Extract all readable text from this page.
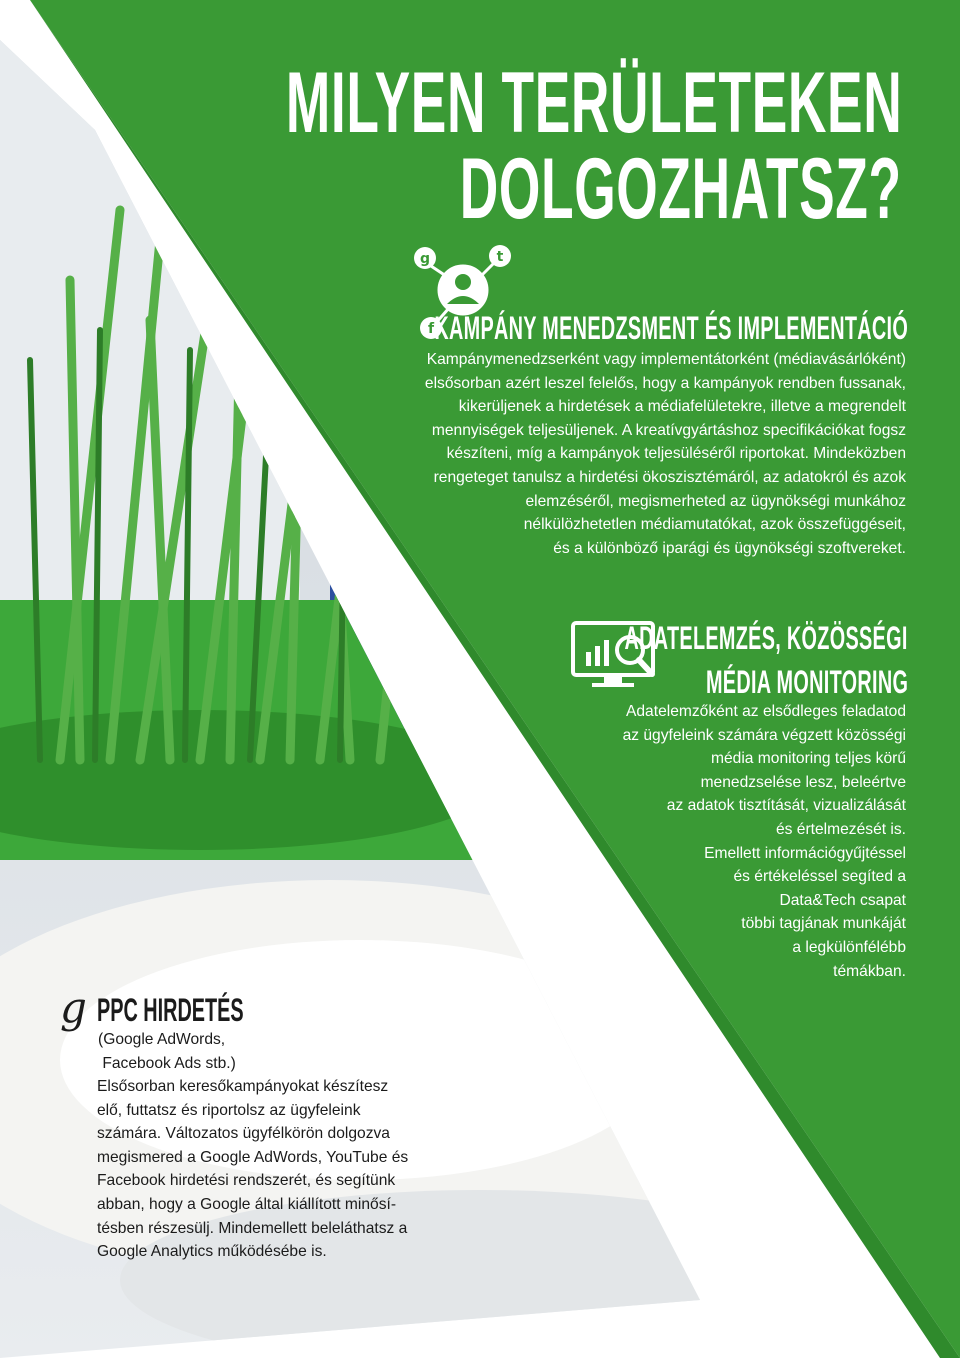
MILYEN TERÜLETEKEN
DOLGOZHATSZ?
g	t
f KAMPÁNY MENEDZSMENT ÉS IMPLEMENTÁCIÓ
Kampánymenedzserként vagy implementátorként (médiavásárlóként)
elsősorban azért leszel felelős, hogy a kampányok rendben fussanak,
kikerüljenek a hirdetések a médiafelületekre, illetve a megrendelt
mennyiségek teljesüljenek. A kreatívgyártáshoz specifikációkat fogsz
készíteni, míg a kampányok teljesüléséről riportokat. Mindeközben
rengeteget tanulsz a hirdetési ökoszisztémáról, az adatokról és azok
elemzéséről, megismerheted az ügynökségi munkához
nélkülözhetetlen médiamutatókat, azok összefüggéseit,
és a különböző iparági és ügynökségi szoftvereket.
ADATELEMZÉS, KÖZÖSSÉGI
MÉDIA MONITORING
Adatelemzőként az elsődleges feladatod
az ügyfeleink számára végzett közösségi
média monitoring teljes körű
menedzselése lesz, beleértve
az adatok tisztítását, vizualizálását
és értelmezését is.
Emellett információgyűjtéssel
és értékeléssel segíted a
Data&Tech csapat
többi tagjának munkáját
a legkülönfélébb
témákban.
g PPC HIRDETÉS
(Google AdWords,
Facebook Ads stb.)
Elsősorban keresőkampányokat készítesz
elő, futtatsz és riportolsz az ügyfeleink
számára. Változatos ügyfélkörön dolgozva
megismered a Google AdWords, YouTube és
Facebook hirdetési rendszerét, és segítünk
abban, hogy a Google által kiállított minősí-
tésben részesülj. Mindemellett beleláthatsz a
Google Analytics működésébe is.
